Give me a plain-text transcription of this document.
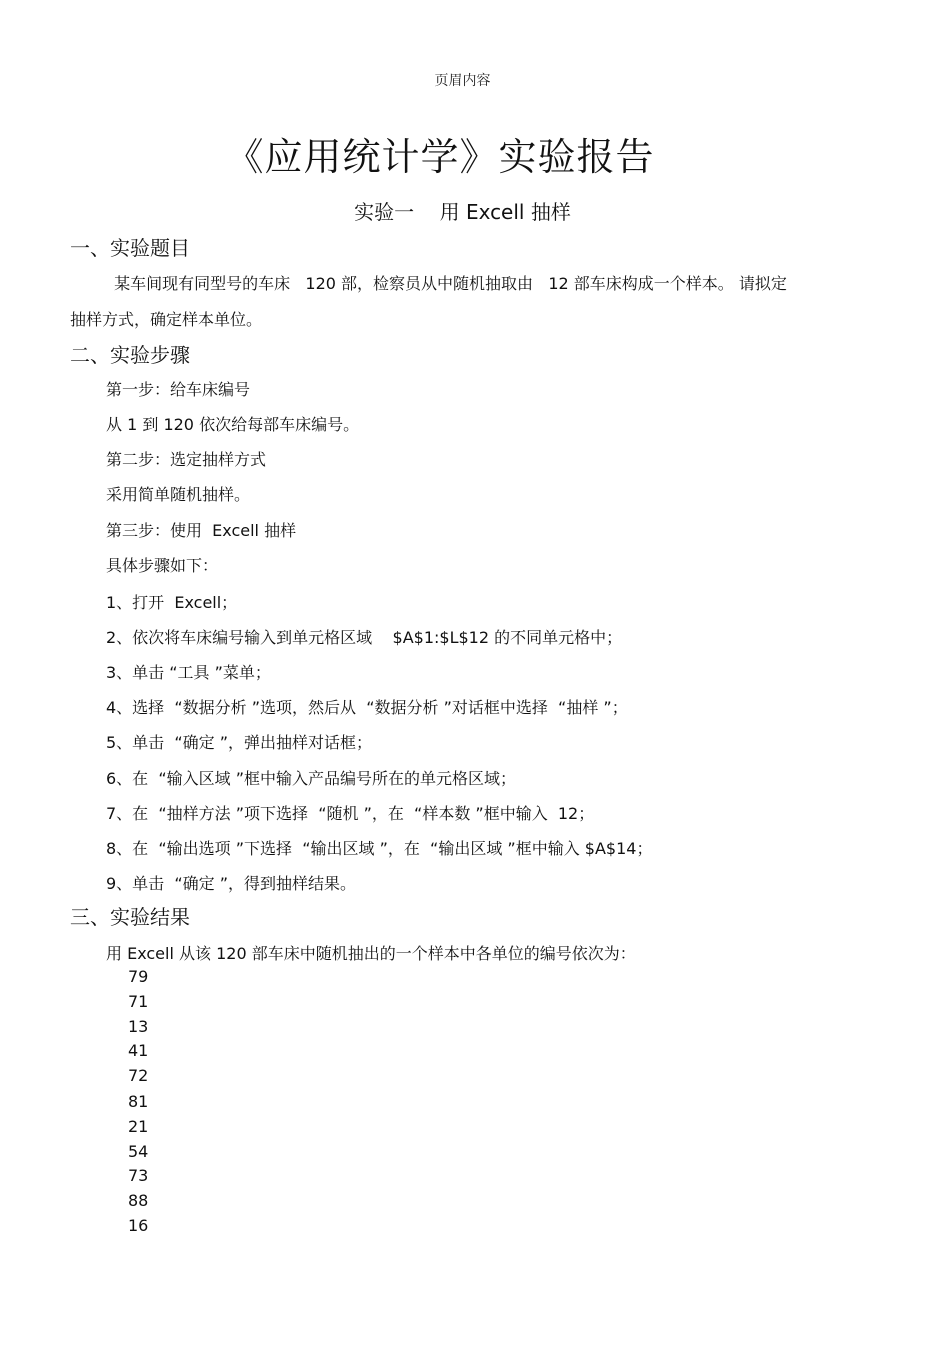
页眉内容
《应用统计学》实验报告
实验一    用 Excell 抽样
一、实验题目
某车间现有同型号的车床   120 部，检察员从中随机抽取由   12 部车床构成一个样本。 请拟定
抽样方式，确定样本单位。
二、实验步骤
第一步：给车床编号
从 1 到 120 依次给每部车床编号。
第二步：选定抽样方式
采用简单随机抽样。
第三步：使用  Excell 抽样
具体步骤如下：
1、打开  Excell；
2、依次将车床编号输入到单元格区域    $A$1:$L$12 的不同单元格中；
3、单击 “工具 ”菜单；
4、选择  “数据分析 ”选项，然后从  “数据分析 ”对话框中选择  “抽样 ”；
5、单击  “确定 ”，弹出抽样对话框；
6、在  “输入区域 ”框中输入产品编号所在的单元格区域；
7、在  “抽样方法 ”项下选择  “随机 ”，在  “样本数 ”框中输入  12；
8、在  “输出选项 ”下选择  “输出区域 ”，在  “输出区域 ”框中输入 $A$14；
9、单击  “确定 ”，得到抽样结果。
三、实验结果
用 Excell 从该 120 部车床中随机抽出的一个样本中各单位的编号依次为：
79
71
13
41
72
81
21
54
73
88
16
